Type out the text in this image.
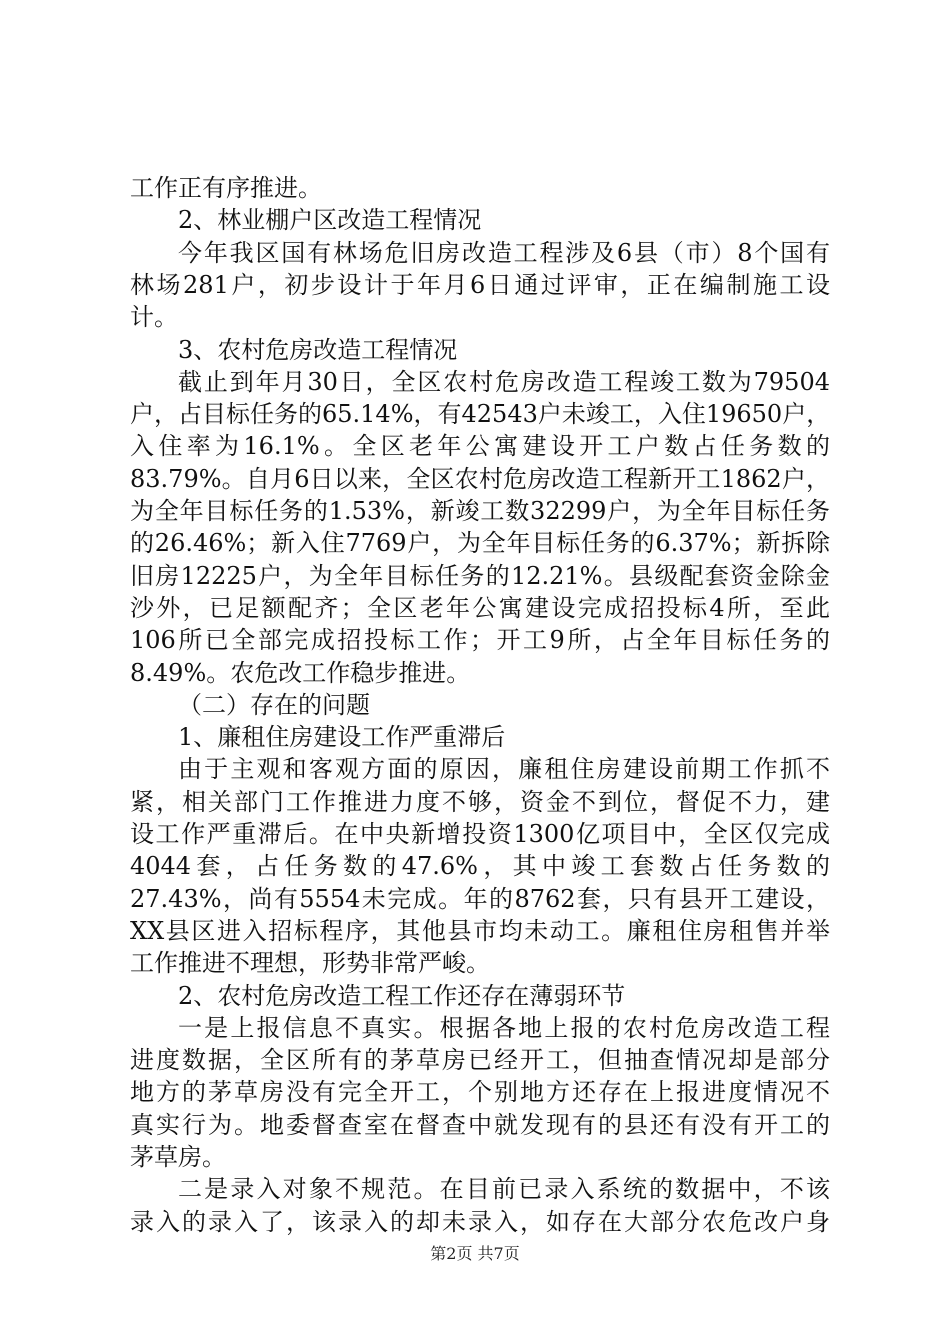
工作正有序推进。
2、林业棚户区改造工程情况
今年我区国有林场危旧房改造工程涉及6县（市）8个国有
林场281户，初步设计于年月6日通过评审，正在编制施工设
计。
3、农村危房改造工程情况
截止到年月30日，全区农村危房改造工程竣工数为79504
户，占目标任务的65.14%，有42543户未竣工，入住19650户，
入住率为16.1%。全区老年公寓建设开工户数占任务数的
83.79%。自月6日以来，全区农村危房改造工程新开工1862户，
为全年目标任务的1.53%，新竣工数32299户，为全年目标任务
的26.46%；新入住7769户，为全年目标任务的6.37%；新拆除
旧房12225户，为全年目标任务的12.21%。县级配套资金除金
沙外，已足额配齐；全区老年公寓建设完成招投标4所，至此
106所已全部完成招投标工作；开工9所，占全年目标任务的
8.49%。农危改工作稳步推进。
（二）存在的问题
1、廉租住房建设工作严重滞后
由于主观和客观方面的原因，廉租住房建设前期工作抓不
紧，相关部门工作推进力度不够，资金不到位，督促不力，建
设工作严重滞后。在中央新增投资1300亿项目中，全区仅完成
4044套，占任务数的47.6%，其中竣工套数占任务数的
27.43%，尚有5554未完成。年的8762套，只有县开工建设，
XX县区进入招标程序，其他县市均未动工。廉租住房租售并举
工作推进不理想，形势非常严峻。
2、农村危房改造工程工作还存在薄弱环节
一是上报信息不真实。根据各地上报的农村危房改造工程
进度数据，全区所有的茅草房已经开工，但抽查情况却是部分
地方的茅草房没有完全开工，个别地方还存在上报进度情况不
真实行为。地委督查室在督查中就发现有的县还有没有开工的
茅草房。
二是录入对象不规范。在目前已录入系统的数据中，不该
录入的录入了，该录入的却未录入，如存在大部分农危改户身
第2页 共7页
